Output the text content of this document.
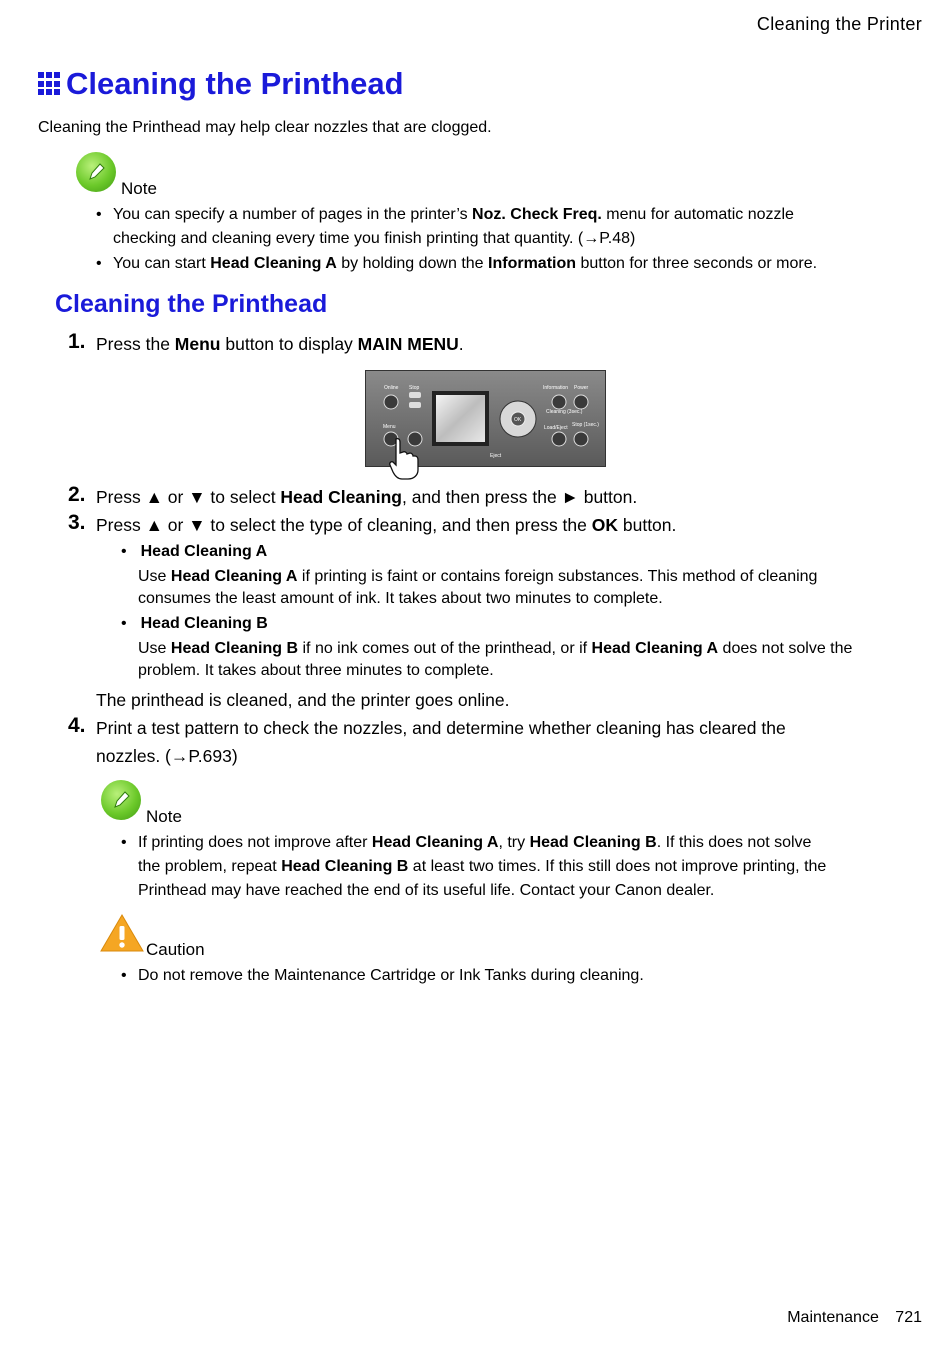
Cleaning the Printer
Cleaning the Printhead
Cleaning the Printhead may help clear nozzles that are clogged.
Note
• You can specify a number of pages in the printer’s Noz. Check Freq. menu for automatic nozzle
checking and cleaning every time you finish printing that quantity. (→P.48)
• You can start Head Cleaning A by holding down the Information button for three seconds or more.
Cleaning the Printhead
1. Press the Menu button to display MAIN MENU.
Online Stop
Menu
Information Power
Cleaning (3sec.)
Load/Eject Stop (1sec.)
Eject
OK
2. Press ▲ or ▼ to select Head Cleaning, and then press the ► button.
3. Press ▲ or ▼ to select the type of cleaning, and then press the OK button.
• Head Cleaning A
Use Head Cleaning A if printing is faint or contains foreign substances. This method of cleaning
consumes the least amount of ink. It takes about two minutes to complete.
• Head Cleaning B
Use Head Cleaning B if no ink comes out of the printhead, or if Head Cleaning A does not solve the
problem. It takes about three minutes to complete.
The printhead is cleaned, and the printer goes online.
4. Print a test pattern to check the nozzles, and determine whether cleaning has cleared the
nozzles. (→P.693)
Note
• If printing does not improve after Head Cleaning A, try Head Cleaning B. If this does not solve
the problem, repeat Head Cleaning B at least two times. If this still does not improve printing, the
Printhead may have reached the end of its useful life. Contact your Canon dealer.
Caution
• Do not remove the Maintenance Cartridge or Ink Tanks during cleaning.
Maintenance 721
